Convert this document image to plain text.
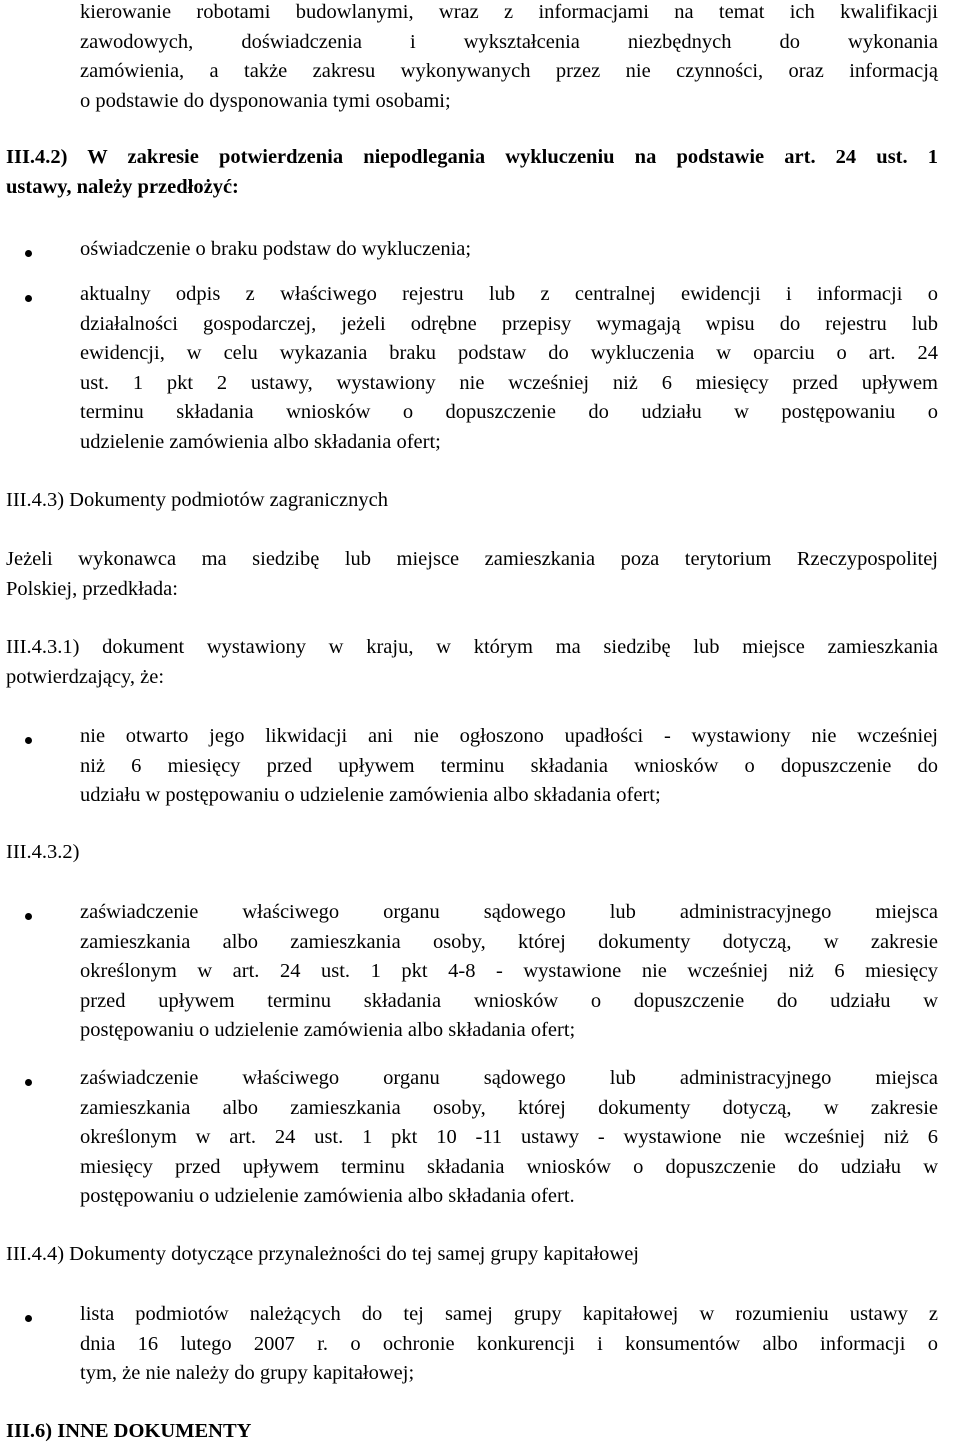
kierowanie robotami budowlanymi, wraz z informacjami na temat ich kwalifikacji
zawodowych, doświadczenia i wykształcenia niezbędnych do wykonania
zamówienia, a także zakresu wykonywanych przez nie czynności, oraz informacją
o podstawie do dysponowania tymi osobami;
III.4.2) W zakresie potwierdzenia niepodlegania wykluczeniu na podstawie art. 24 ust. 1
ustawy, należy przedłożyć:
oświadczenie o braku podstaw do wykluczenia;
aktualny odpis z właściwego rejestru lub z centralnej ewidencji i informacji o
działalności gospodarczej, jeżeli odrębne przepisy wymagają wpisu do rejestru lub
ewidencji, w celu wykazania braku podstaw do wykluczenia w oparciu o art. 24
ust. 1 pkt 2 ustawy, wystawiony nie wcześniej niż 6 miesięcy przed upływem
terminu składania wniosków o dopuszczenie do udziału w postępowaniu o
udzielenie zamówienia albo składania ofert;
III.4.3) Dokumenty podmiotów zagranicznych
Jeżeli wykonawca ma siedzibę lub miejsce zamieszkania poza terytorium Rzeczypospolitej
Polskiej, przedkłada:
III.4.3.1) dokument wystawiony w kraju, w którym ma siedzibę lub miejsce zamieszkania
potwierdzający, że:
nie otwarto jego likwidacji ani nie ogłoszono upadłości - wystawiony nie wcześniej
niż 6 miesięcy przed upływem terminu składania wniosków o dopuszczenie do
udziału w postępowaniu o udzielenie zamówienia albo składania ofert;
III.4.3.2)
zaświadczenie właściwego organu sądowego lub administracyjnego miejsca
zamieszkania albo zamieszkania osoby, której dokumenty dotyczą, w zakresie
określonym w art. 24 ust. 1 pkt 4-8 - wystawione nie wcześniej niż 6 miesięcy
przed upływem terminu składania wniosków o dopuszczenie do udziału w
postępowaniu o udzielenie zamówienia albo składania ofert;
zaświadczenie właściwego organu sądowego lub administracyjnego miejsca
zamieszkania albo zamieszkania osoby, której dokumenty dotyczą, w zakresie
określonym w art. 24 ust. 1 pkt 10 -11 ustawy - wystawione nie wcześniej niż 6
miesięcy przed upływem terminu składania wniosków o dopuszczenie do udziału w
postępowaniu o udzielenie zamówienia albo składania ofert.
III.4.4) Dokumenty dotyczące przynależności do tej samej grupy kapitałowej
lista podmiotów należących do tej samej grupy kapitałowej w rozumieniu ustawy z
dnia 16 lutego 2007 r. o ochronie konkurencji i konsumentów albo informacji o
tym, że nie należy do grupy kapitałowej;
III.6) INNE DOKUMENTY
